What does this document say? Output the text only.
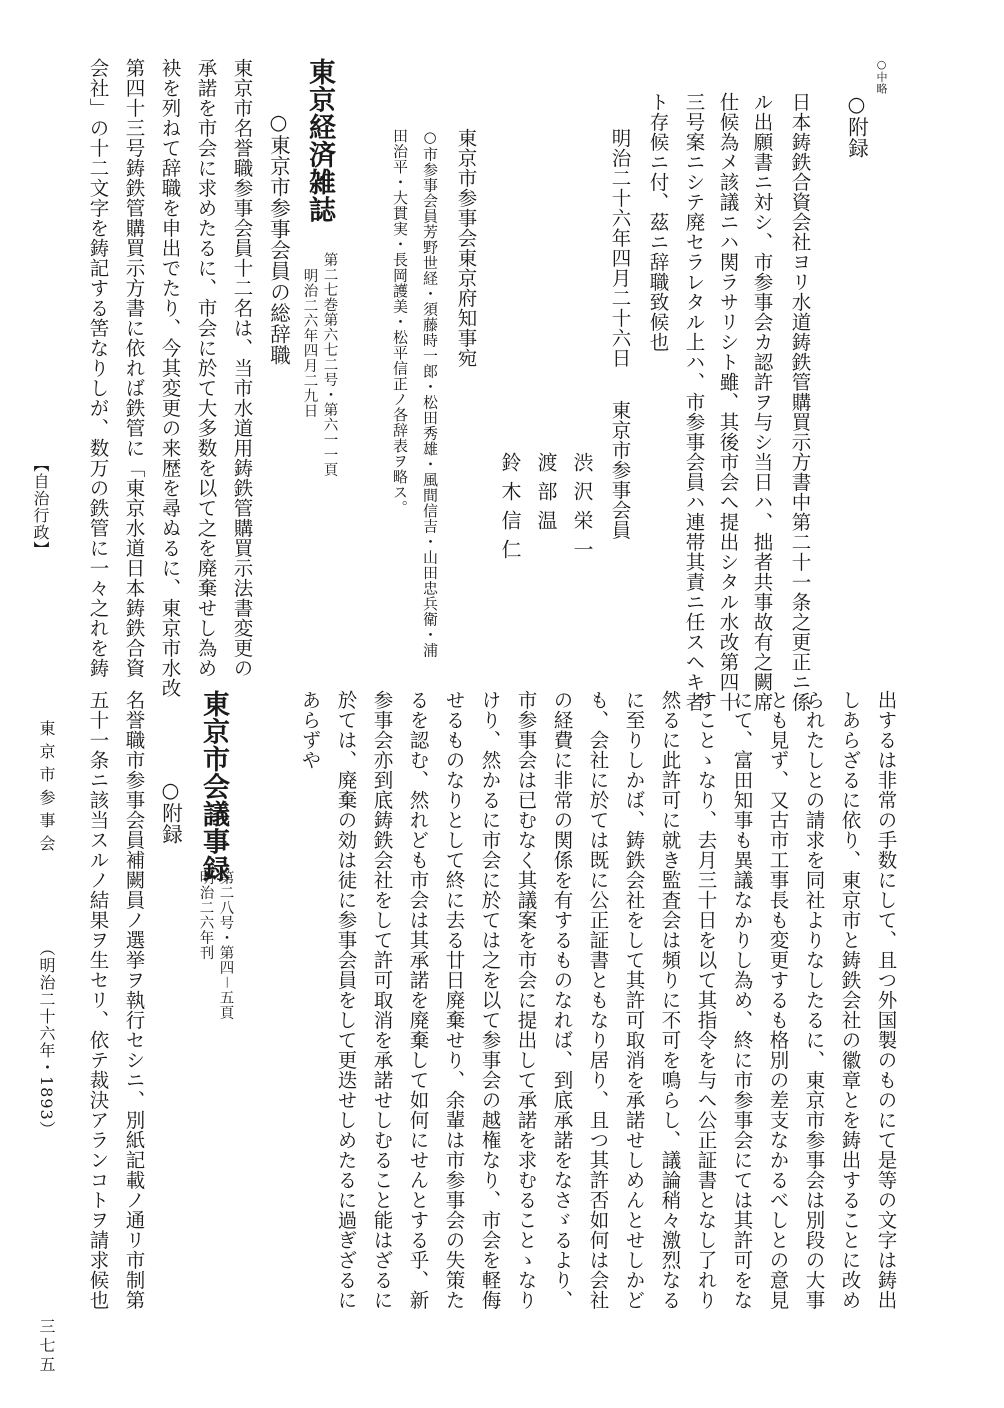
○中略
○附録
日本鋳鉄合資会社ヨリ水道鋳鉄管購買示方書中第二十一条之更正ニ係
ル出願書ニ対シ、市参事会カ認許ヲ与シ当日ハ、拙者共事故有之闕席
仕候為メ該議ニハ関ラサリシト雖、其後市会へ提出シタル水改第四十
三号案ニシテ廃セラレタル上ハ、市参事会員ハ連帯其責ニ任スヘキ者
ト存候ニ付、茲ニ辞職致候也
明治二十六年四月二十六日
東京市参事会員
渋沢栄一
渡部温
鈴木信仁
東京市参事会東京府知事宛
○市参事会員芳野世経・須藤時一郎・松田秀雄・風間信吉・山田忠兵衛・浦
田治平・大貫実・長岡護美・松平信正ノ各辞表ヲ略ス。
東京経済雑誌
第二七巻第六七二号・第六一一頁
明治二六年四月二九日
○東京市参事会員の総辞職
東京市名誉職参事会員十二名は、当市水道用鋳鉄管購買示法書変更の
承諾を市会に求めたるに、市会に於て大多数を以て之を廃棄せし為め
袂を列ねて辞職を申出でたり、今其変更の来歴を尋ぬるに、東京市水改
第四十三号鋳鉄管購買示方書に依れば鉄管に「東京水道日本鋳鉄合資
会社」の十二文字を鋳記する筈なりしが、数万の鉄管に一々之れを鋳
出するは非常の手数にして、且つ外国製のものにて是等の文字は鋳出
しあらざるに依り、東京市と鋳鉄会社の徽章とを鋳出することに改め
られたしとの請求を同社よりなしたるに、東京市参事会は別段の大事
とも見ず、又古市工事長も変更するも格別の差支なかるべしとの意見
にて、富田知事も異議なかりし為め、終に市参事会にては其許可をな
すことゝなり、去月三十日を以て其指令を与へ公正証書となし了れり
然るに此許可に就き監査会は頻りに不可を鳴らし、議論稍々激烈なる
に至りしかば、鋳鉄会社をして其許可取消を承諾せしめんとせしかど
も、会社に於ては既に公正証書ともなり居り、且つ其許否如何は会社
の経費に非常の関係を有するものなれば、到底承諾をなさゞるより、
市参事会は已むなく其議案を市会に提出して承諾を求むることゝなり
けり、然かるに市会に於ては之を以て参事会の越権なり、市会を軽侮
せるものなりとして終に去る廿日廃棄せり、余輩は市参事会の失策た
るを認む、然れども市会は其承諾を廃棄して如何にせんとする乎、新
参事会亦到底鋳鉄会社をして許可取消を承諾せしむること能はざるに
於ては、廃棄の効は徒に参事会員をして更迭せしめたるに過ぎざるに
あらずや
東京市会議事録
第二八号・第四－五頁
明治二六年刊
○附録
名誉職市参事会員補闕員ノ選挙ヲ執行セシニ、別紙記載ノ通リ市制第
五十一条ニ該当スルノ結果ヲ生セリ、依テ裁決アランコトヲ請求候也
【自治行政】
東京市参事会
（明治二十六年・1893）
三七五
